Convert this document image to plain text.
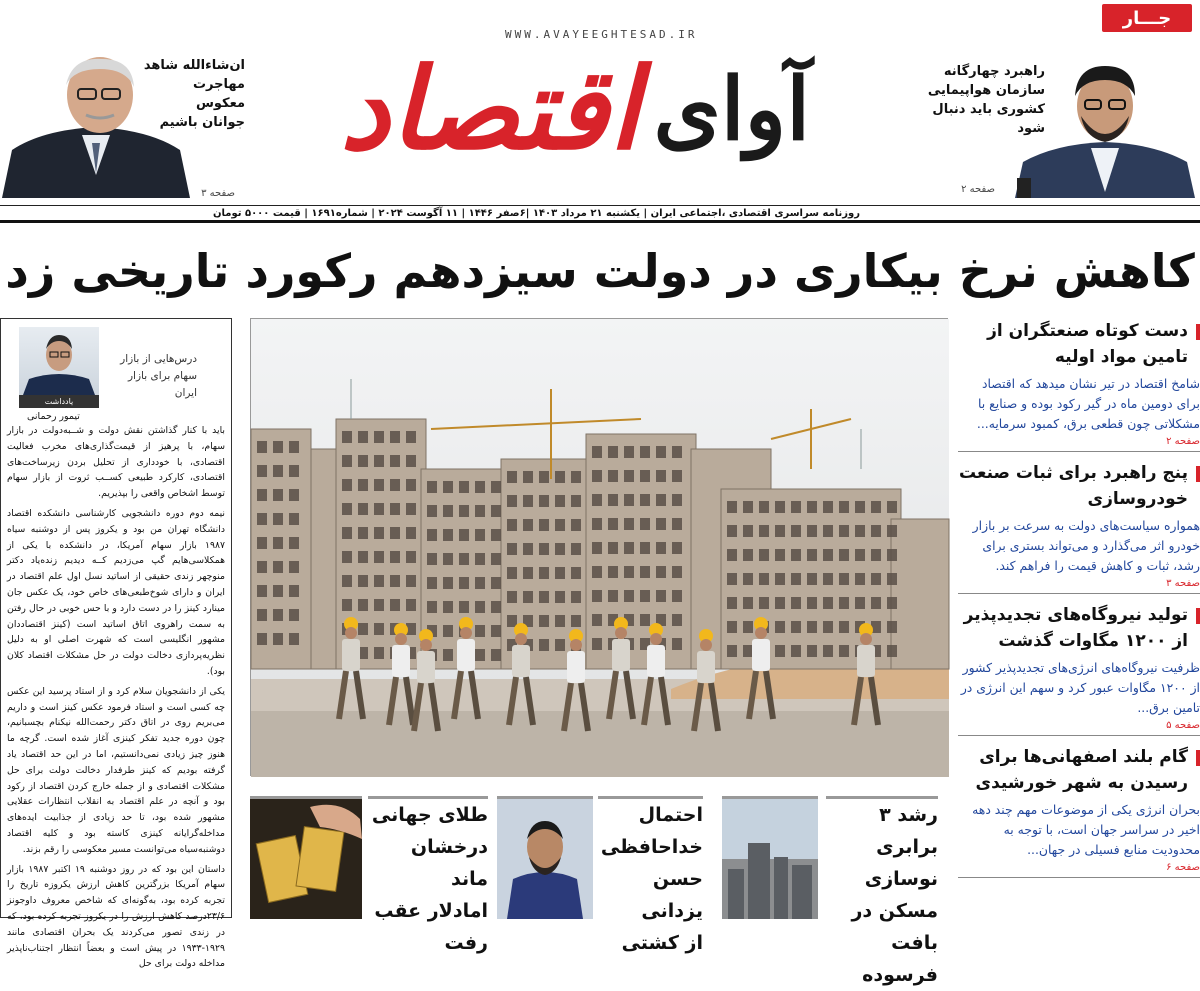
WWW.AVAYEEGHTESAD.IR
اقتصاد آوای
جـــار
ان‌شاءالله شاهد
مهاجرت معکوس
جوانان باشیم
صفحه ۳
راهبرد چهارگانه
سازمان هواپیمایی
کشوری باید دنبال
شود
صفحه ۲
روزنامه سراسری اقتصادی ،اجتماعی ایران | یکشنبه ۲۱ مرداد ۱۴۰۳ |۶صفر ۱۴۴۶ | ۱۱ آگوست ۲۰۲۴ | شماره۱۶۹۱ | قیمت ۵۰۰۰ تومان
کاهش نرخ بیکاری در دولت سیزدهم رکورد تاریخی زد
یادداشت
درس‌هایی از بازار
سهام برای بازار
ایران
تیمور رحمانی

باید با کنار گذاشتن نقش دولت و شــبه‌دولت در بازار سهام، با پرهیز از قیمت‌گذاری‌های مخرب فعالیت اقتصادی، با خودداری از تحلیل بردن زیرساخت‌های اقتصادی، کارکرد طبیعی کســب ثروت از بازار سهام توسط اشخاص واقعی را بپذیریم.

نیمه دوم دوره دانشجویی کارشناسی دانشکده اقتصاد دانشگاه تهران من بود و یکروز پس از دوشنبه سیاه ۱۹۸۷ بازار سهام آمریکا، در دانشکده با یکی از همکلاسی‌هایم گپ می‌زدیم کــه دیدیم زنده‌یاد دکتر منوچهر زندی حقیقی از اساتید نسل اول علم اقتصاد در ایران و دارای شوخ‌طبعی‌های خاص خود، یک عکس جان مینارد کینز را در دست دارد و با حس خوبی در حال رفتن به سمت راهروی اتاق اساتید است (کینز اقتصاددان مشهور انگلیسی است که شهرت اصلی او به دلیل نظریه‌پردازی دخالت دولت در حل مشکلات اقتصاد کلان بود).

یکی از دانشجویان سلام کرد و از استاد پرسید این عکس چه کسی است و استاد فرمود عکس کینز است و داریم می‌بریم روی در اتاق دکتر رحمت‌الله نیکنام بچسبانیم، چون دوره جدید تفکر کینزی آغاز شده است. گرچه ما هنوز چیز زیادی نمی‌دانستیم، اما در این حد اقتصاد یاد گرفته بودیم که کینز طرفدار دخالت دولت برای حل مشکلات اقتصادی و از جمله خارج کردن اقتصاد از رکود بود و آنچه در علم اقتصاد به انقلاب انتظارات عقلایی مشهور شده بود، تا حد زیادی از جذابیت ایده‌های مداخله‌گرایانه کینزی کاسته بود و کلیه اقتصاد دوشنبه‌سیاه می‌توانست مسیر معکوسی را رقم بزند.

داستان این بود که در روز دوشنبه ۱۹ اکتبر ۱۹۸۷ بازار سهام آمریکا بزرگترین کاهش ارزش یکروزه تاریخ را تجربه کرده بود، به‌گونه‌ای که شاخص معروف داوجونز ۲۳/۶درصد کاهش ارزش را در یکروز تجربه کرده بود، که در زندی تصور می‌کردند یک بحران اقتصادی مانند ۱۹۲۹-۱۹۳۳ در پیش است و بعضاً انتظار اجتناب‌ناپذیر مداخله دولت برای حل

دست کوتاه صنعتگران از تامین مواد اولیه
شامخ اقتصاد در تیر نشان میدهد که اقتصاد برای دومین ماه در گیر رکود بوده و صنایع با مشکلاتی چون قطعی برق، کمبود سرمایه...
صفحه ۲
پنج راهبرد برای ثبات صنعت خودروسازی
همواره سیاست‌های دولت به سرعت بر بازار خودرو اثر می‌گذارد و می‌تواند بستری برای رشد، ثبات و کاهش قیمت را فراهم کند.
صفحه ۳
تولید نیروگاه‌های تجدیدپذیر از ۱۲۰۰ مگاوات گذشت
ظرفیت نیروگاه‌های انرژی‌های تجدیدپذیر کشور از ۱۲۰۰ مگاوات عبور کرد و سهم این انرژی در تامین برق...
صفحه ۵
گام بلند اصفهانی‌ها برای رسیدن به شهر خورشیدی
بحران انرژی یکی از موضوعات مهم چند دهه اخیر در سراسر جهان است، با توجه به محدودیت منابع فسیلی در جهان...
صفحه ۶
طلای جهانی
درخشان ماند
امادلار عقب
رفت
احتمال
خداحافظی
حسن یزدانی
از کشتی
رشد ۳ برابری
نوسازی
مسکن در بافت
فرسوده
